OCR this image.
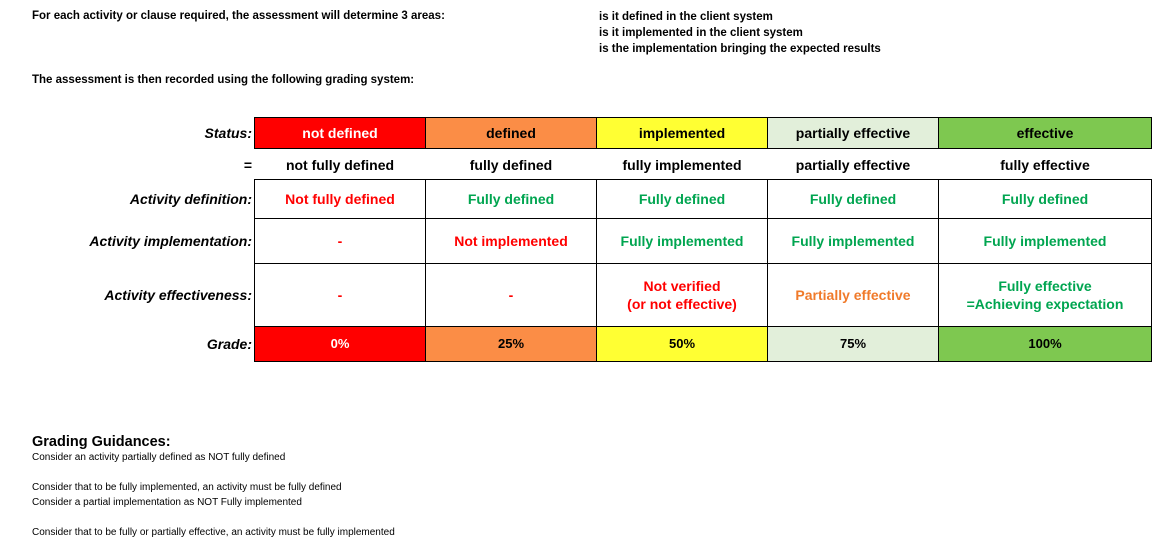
For each activity or clause required, the assessment will determine 3 areas:	is it defined in the client system
is it implemented in the client system
is the implementation bringing the expected results
The assessment is then recorded using the following grading system:
Status:
=
Activity definition:
Activity implementation:
Activity effectiveness:
Grade:
not defined
not fully defined
Not fully defined
-
-
0%
defined
fully defined
Fully defined
Not implemented
-
25%
implemented
fully implemented
Fully defined
Fully implemented
Not verified
(or not effective)
50%
partially effective
partially effective
Fully defined
Fully implemented
Partially effective
75%
effective
fully effective
Fully defined
Fully implemented
Fully effective
=Achieving expectation
100%
Grading Guidances:
Consider an activity partially defined as NOT fully defined
Consider that to be fully implemented, an activity must be fully defined
Consider a partial implementation as NOT Fully implemented
Consider that to be fully or partially effective, an activity must be fully implemented
